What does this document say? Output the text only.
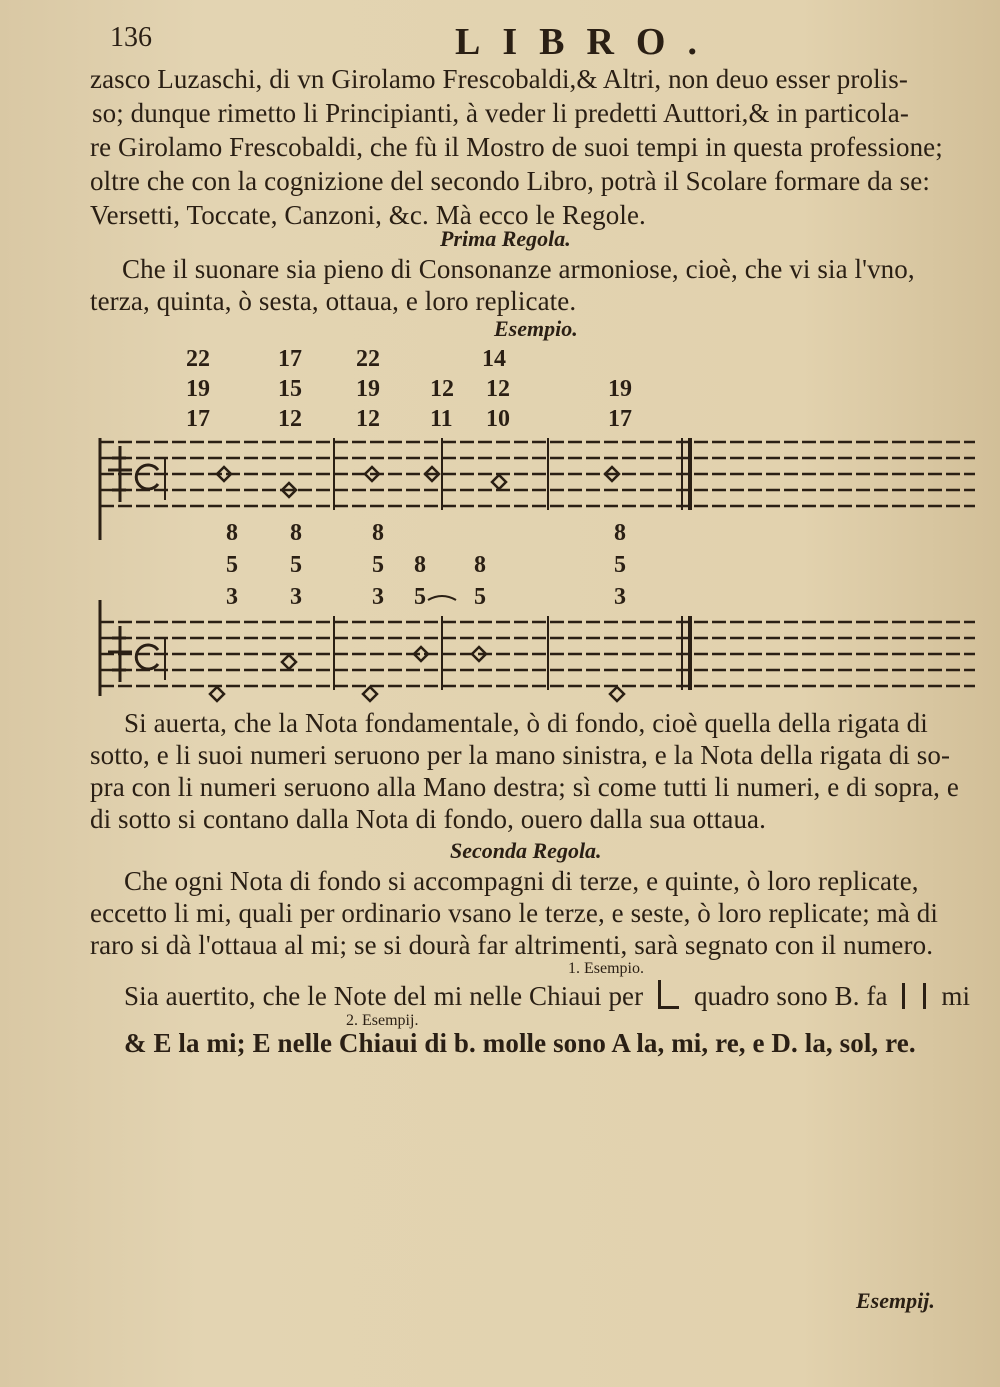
136	LIBRO.
zasco Luzaschi, di vn Girolamo Frescobaldi,& Altri, non deuo esser prolis-
so; dunque rimetto li Principianti, à veder li predetti Auttori,& in particola-
re Girolamo Frescobaldi, che fù il Mostro de suoi tempi in questa professione;
oltre che con la cognizione del secondo Libro, potrà il Scolare formare da se:
Versetti, Toccate, Canzoni, &c. Mà ecco le Regole.
Prima Regola.
Che il suonare sia pieno di Consonanze armoniose, cioè, che vi sia l'vno,
terza, quinta, ò sesta, ottaua, e loro replicate.
Esempio.
22	17 22	14
19	15 19 12 12	19
17	12 12 11 10	17
8 8	8	8
5 5	5 8 8	5
3 3	3 5 5	3
Si auerta, che la Nota fondamentale, ò di fondo, cioè quella della rigata di
sotto, e li suoi numeri seruono per la mano sinistra, e la Nota della rigata di so-
pra con li numeri seruono alla Mano destra; sì come tutti li numeri, e di sopra, e
di sotto si contano dalla Nota di fondo, ouero dalla sua ottaua.
Seconda Regola.
Che ogni Nota di fondo si accompagni di terze, e quinte, ò loro replicate,
eccetto li mi, quali per ordinario vsano le terze, e seste, ò loro replicate; mà di
raro si dà l'ottaua al mi; se si dourà far altrimenti, sarà segnato con il numero.
1. Esempio.
Sia auertito, che le Note del mi nelle Chiaui per quadro sono B. fa mi
2. Esempij.
& E la mi; E nelle Chiaui di b. molle sono A la, mi, re, e D. la, sol, re.
Esempij.
